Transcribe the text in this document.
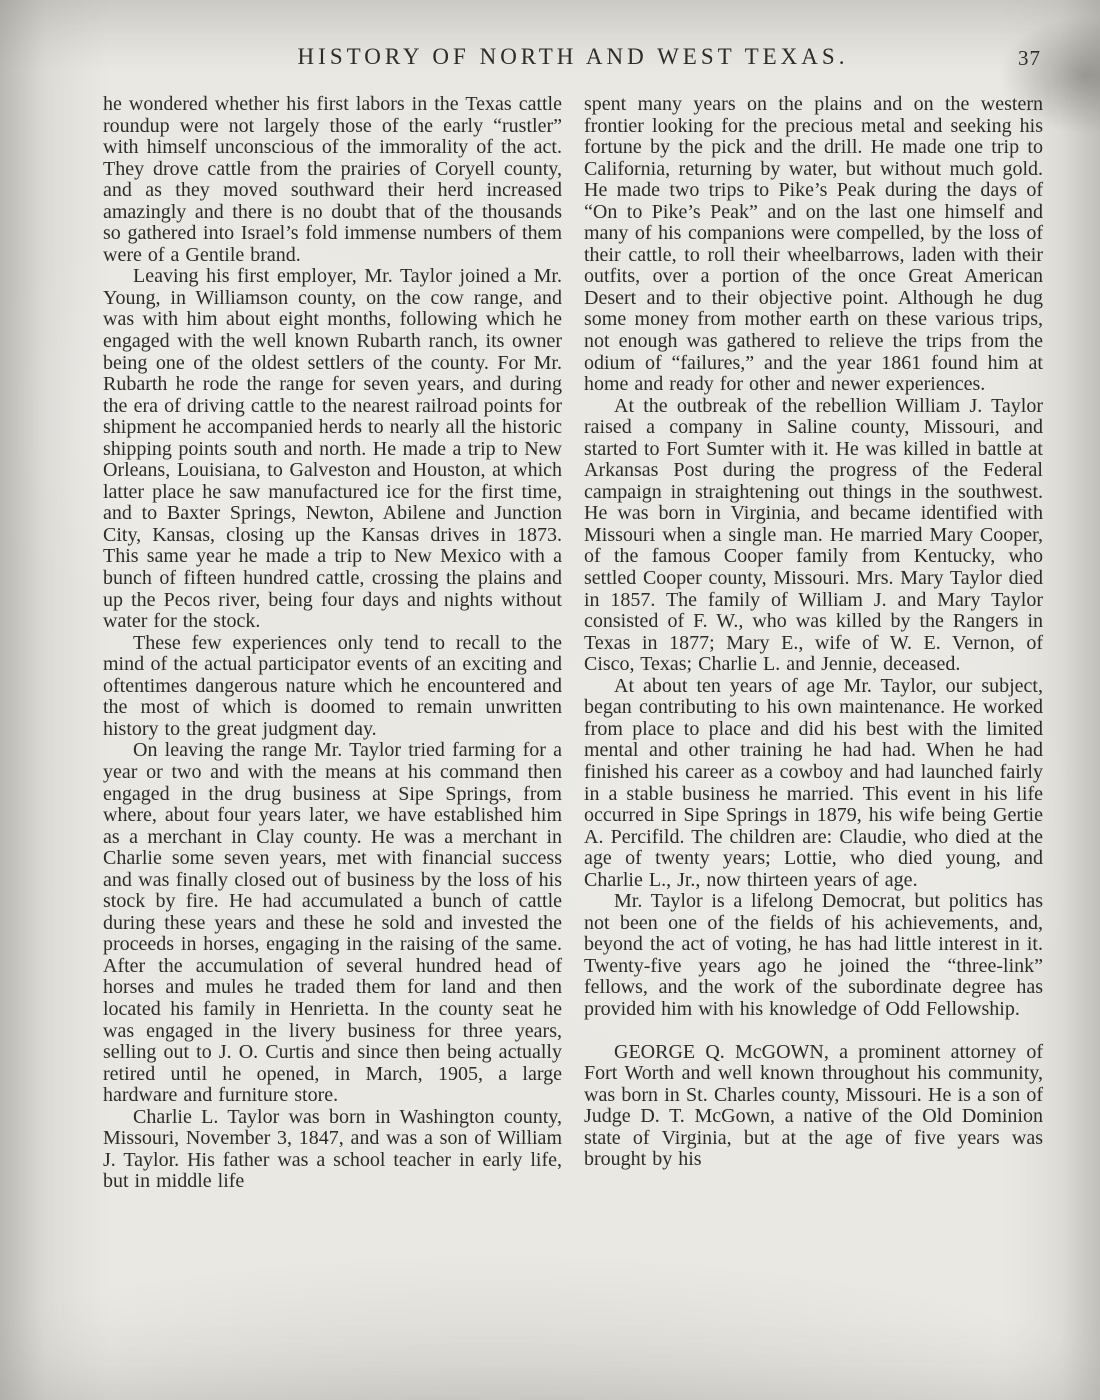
HISTORY OF NORTH AND WEST TEXAS.	37

he wondered whether his first labors in the Texas cattle roundup were not largely those of the early “rustler” with himself unconscious of the immorality of the act. They drove cattle from the prairies of Coryell county, and as they moved southward their herd increased amazingly and there is no doubt that of the thousands so gathered into Israel’s fold immense numbers of them were of a Gentile brand.

Leaving his first employer, Mr. Taylor joined a Mr. Young, in Williamson county, on the cow range, and was with him about eight months, following which he engaged with the well known Rubarth ranch, its owner being one of the oldest settlers of the county. For Mr. Rubarth he rode the range for seven years, and during the era of driving cattle to the nearest railroad points for shipment he accompanied herds to nearly all the historic shipping points south and north. He made a trip to New Orleans, Louisiana, to Galveston and Houston, at which latter place he saw manufactured ice for the first time, and to Baxter Springs, Newton, Abilene and Junction City, Kansas, closing up the Kansas drives in 1873. This same year he made a trip to New Mexico with a bunch of fifteen hundred cattle, crossing the plains and up the Pecos river, being four days and nights without water for the stock.

These few experiences only tend to recall to the mind of the actual participator events of an exciting and oftentimes dangerous nature which he encountered and the most of which is doomed to remain unwritten history to the great judgment day.

On leaving the range Mr. Taylor tried farming for a year or two and with the means at his command then engaged in the drug business at Sipe Springs, from where, about four years later, we have established him as a merchant in Clay county. He was a merchant in Charlie some seven years, met with financial success and was finally closed out of business by the loss of his stock by fire. He had accumulated a bunch of cattle during these years and these he sold and invested the proceeds in horses, engaging in the raising of the same. After the accumulation of several hundred head of horses and mules he traded them for land and then located his family in Henrietta. In the county seat he was engaged in the livery business for three years, selling out to J. O. Curtis and since then being actually retired until he opened, in March, 1905, a large hardware and furniture store.

Charlie L. Taylor was born in Washington county, Missouri, November 3, 1847, and was a son of William J. Taylor. His father was a school teacher in early life, but in middle life

spent many years on the plains and on the western frontier looking for the precious metal and seeking his fortune by the pick and the drill. He made one trip to California, returning by water, but without much gold. He made two trips to Pike’s Peak during the days of “On to Pike’s Peak” and on the last one himself and many of his companions were compelled, by the loss of their cattle, to roll their wheelbarrows, laden with their outfits, over a portion of the once Great American Desert and to their objective point. Although he dug some money from mother earth on these various trips, not enough was gathered to relieve the trips from the odium of “failures,” and the year 1861 found him at home and ready for other and newer experiences.

At the outbreak of the rebellion William J. Taylor raised a company in Saline county, Missouri, and started to Fort Sumter with it. He was killed in battle at Arkansas Post during the progress of the Federal campaign in straightening out things in the southwest. He was born in Virginia, and became identified with Missouri when a single man. He married Mary Cooper, of the famous Cooper family from Kentucky, who settled Cooper county, Missouri. Mrs. Mary Taylor died in 1857. The family of William J. and Mary Taylor consisted of F. W., who was killed by the Rangers in Texas in 1877; Mary E., wife of W. E. Vernon, of Cisco, Texas; Charlie L. and Jennie, deceased.

At about ten years of age Mr. Taylor, our subject, began contributing to his own maintenance. He worked from place to place and did his best with the limited mental and other training he had had. When he had finished his career as a cowboy and had launched fairly in a stable business he married. This event in his life occurred in Sipe Springs in 1879, his wife being Gertie A. Percifild. The children are: Claudie, who died at the age of twenty years; Lottie, who died young, and Charlie L., Jr., now thirteen years of age.

Mr. Taylor is a lifelong Democrat, but politics has not been one of the fields of his achievements, and, beyond the act of voting, he has had little interest in it. Twenty-five years ago he joined the “three-link” fellows, and the work of the subordinate degree has provided him with his knowledge of Odd Fellowship.

GEORGE Q. McGOWN, a prominent attorney of Fort Worth and well known throughout his community, was born in St. Charles county, Missouri. He is a son of Judge D. T. McGown, a native of the Old Dominion state of Virginia, but at the age of five years was brought by his
